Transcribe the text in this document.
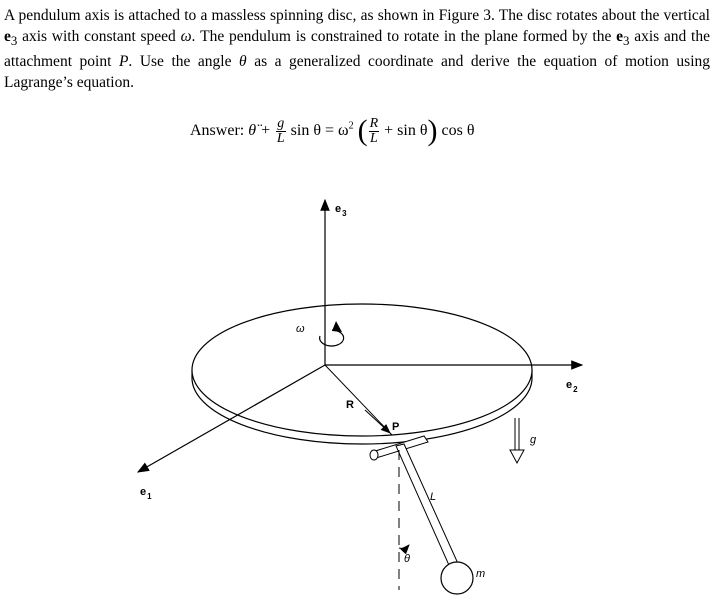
A pendulum axis is attached to a massless spinning disc, as shown in Figure 3. The disc rotates about the vertical $e_3$ axis with constant speed ω. The pendulum is constrained to rotate in the plane formed by the $e_3$ axis and the attachment point P. Use the angle θ as a generalized coordinate and derive the equation of motion using Lagrange’s equation.
Answer: θ̈ + $\frac{g}{L}$ $\sin \theta = \omega^2$ ( $\frac{R}{L} + \sin \theta$) cos θ
$e_3$
$e_2$
$e_1$
ω
R
P
L
θ
m
g
